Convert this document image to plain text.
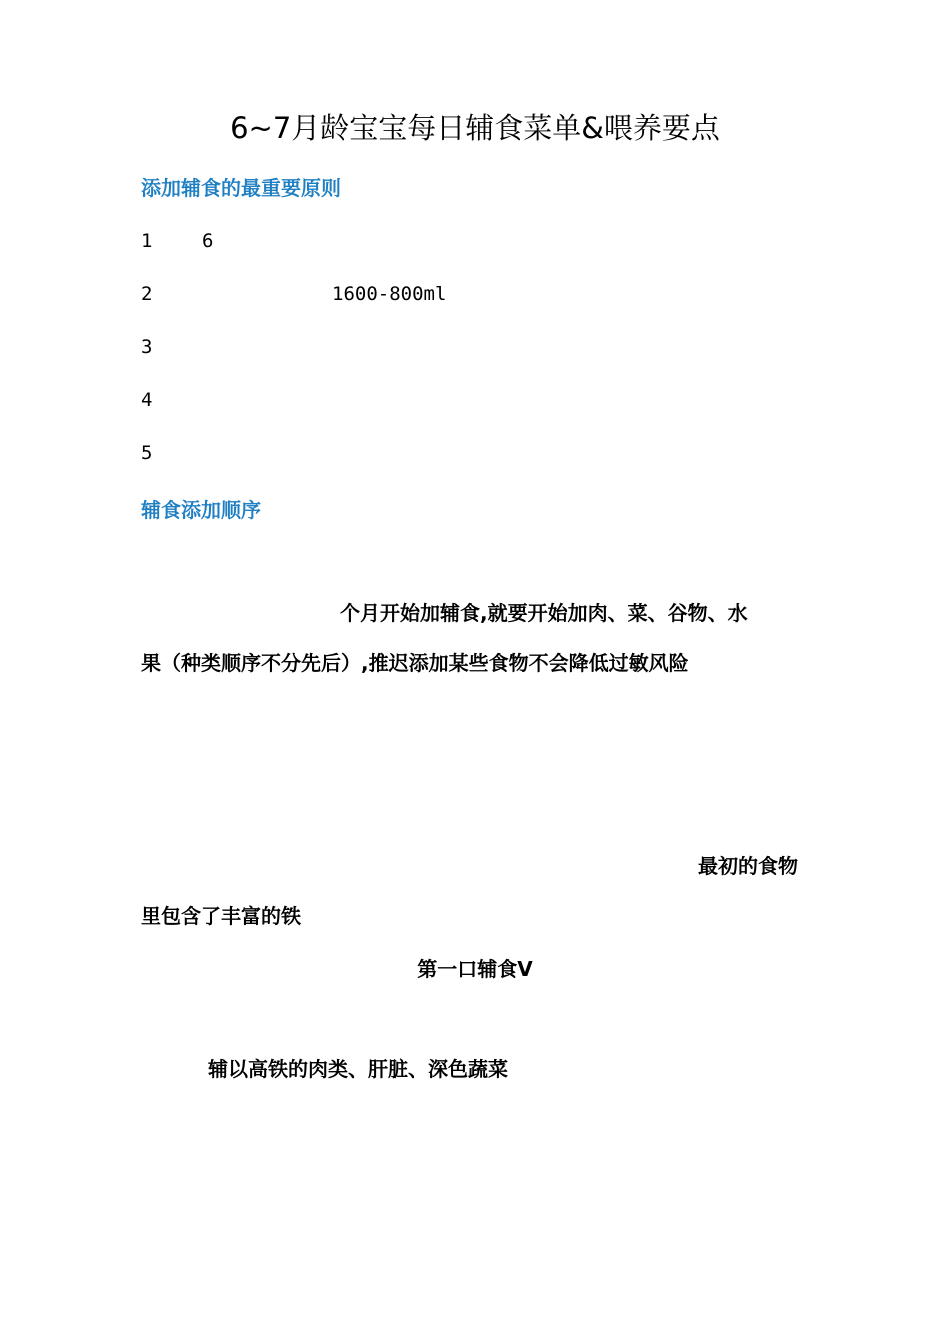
6~7月龄宝宝每日辅食菜单&喂养要点
添加辅食的最重要原则
1	6
2	1600-800ml
3
4
5
辅食添加顺序
个月开始加辅食,就要开始加肉、菜、谷物、水
果（种类顺序不分先后）,推迟添加某些食物不会降低过敏风险
最初的食物
里包含了丰富的铁
第一口辅食V
辅以高铁的肉类、肝脏、深色蔬菜
